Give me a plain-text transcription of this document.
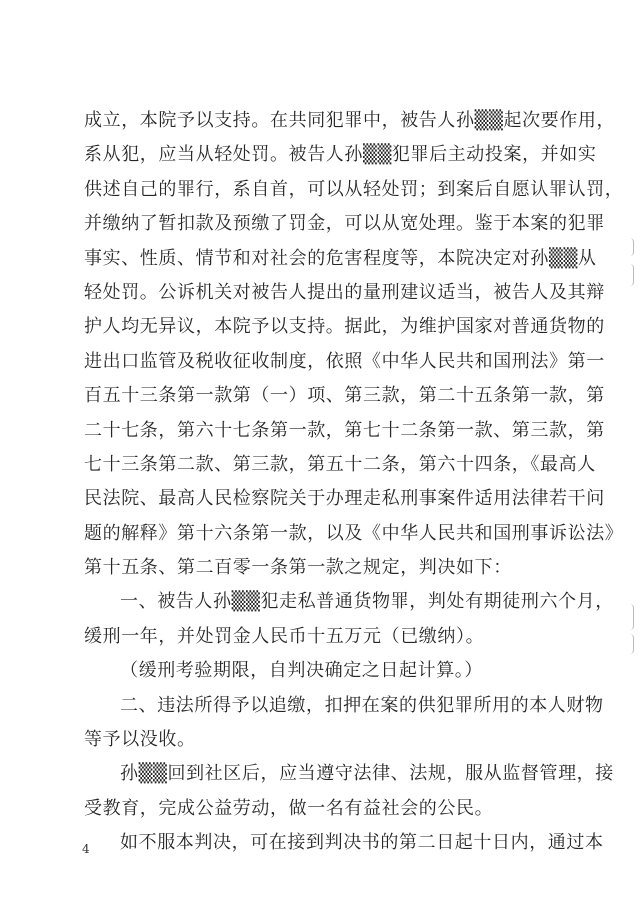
成立，本院予以支持。在共同犯罪中，被告人孙▒▒起次要作用，
系从犯，应当从轻处罚。被告人孙▒▒犯罪后主动投案，并如实
供述自己的罪行，系自首，可以从轻处罚；到案后自愿认罪认罚，
并缴纳了暂扣款及预缴了罚金，可以从宽处理。鉴于本案的犯罪
事实、性质、情节和对社会的危害程度等，本院决定对孙▒▒从
轻处罚。公诉机关对被告人提出的量刑建议适当，被告人及其辩
护人均无异议，本院予以支持。据此，为维护国家对普通货物的
进出口监管及税收征收制度，依照《中华人民共和国刑法》第一
百五十三条第一款第（一）项、第三款，第二十五条第一款，第
二十七条，第六十七条第一款，第七十二条第一款、第三款，第
七十三条第二款、第三款，第五十二条，第六十四条，《最高人
民法院、最高人民检察院关于办理走私刑事案件适用法律若干问
题的解释》第十六条第一款，以及《中华人民共和国刑事诉讼法》
第十五条、第二百零一条第一款之规定，判决如下：
一、被告人孙▒▒犯走私普通货物罪，判处有期徒刑六个月，
缓刑一年，并处罚金人民币十五万元（已缴纳）。
（缓刑考验期限，自判决确定之日起计算。）
二、违法所得予以追缴，扣押在案的供犯罪所用的本人财物
等予以没收。
孙▒▒回到社区后，应当遵守法律、法规，服从监督管理，接
受教育，完成公益劳动，做一名有益社会的公民。
如不服本判决，可在接到判决书的第二日起十日内，通过本
4
